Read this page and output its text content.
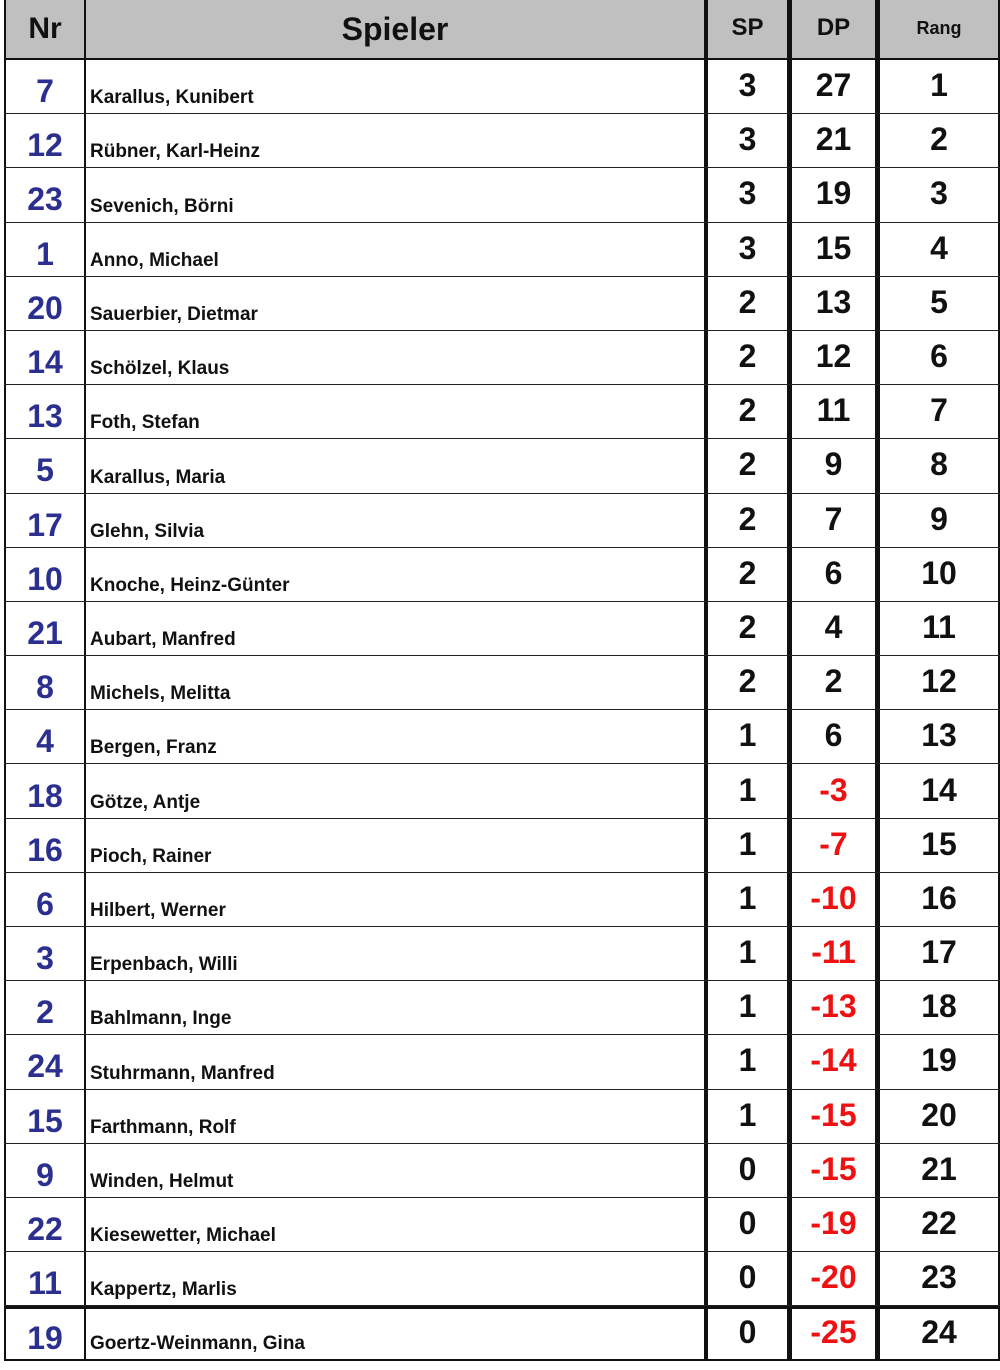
Nr	Spieler	SP	DP	Rang
7	Karallus, Kunibert	3	27	1
12	Rübner, Karl-Heinz	3	21	2
23	Sevenich, Börni	3	19	3
1	Anno, Michael	3	15	4
20	Sauerbier, Dietmar	2	13	5
14	Schölzel, Klaus	2	12	6
13	Foth, Stefan	2	11	7
5	Karallus, Maria	2	9	8
17	Glehn, Silvia	2	7	9
10	Knoche, Heinz-Günter	2	6	10
21	Aubart, Manfred	2	4	11
8	Michels, Melitta	2	2	12
4	Bergen, Franz	1	6	13
18	Götze, Antje	1	-3	14
16	Pioch, Rainer	1	-7	15
6	Hilbert, Werner	1	-10	16
3	Erpenbach, Willi	1	-11	17
2	Bahlmann, Inge	1	-13	18
24	Stuhrmann, Manfred	1	-14	19
15	Farthmann, Rolf	1	-15	20
9	Winden, Helmut	0	-15	21
22	Kiesewetter, Michael	0	-19	22
11	Kappertz, Marlis	0	-20	23
19	Goertz-Weinmann, Gina	0	-25	24
